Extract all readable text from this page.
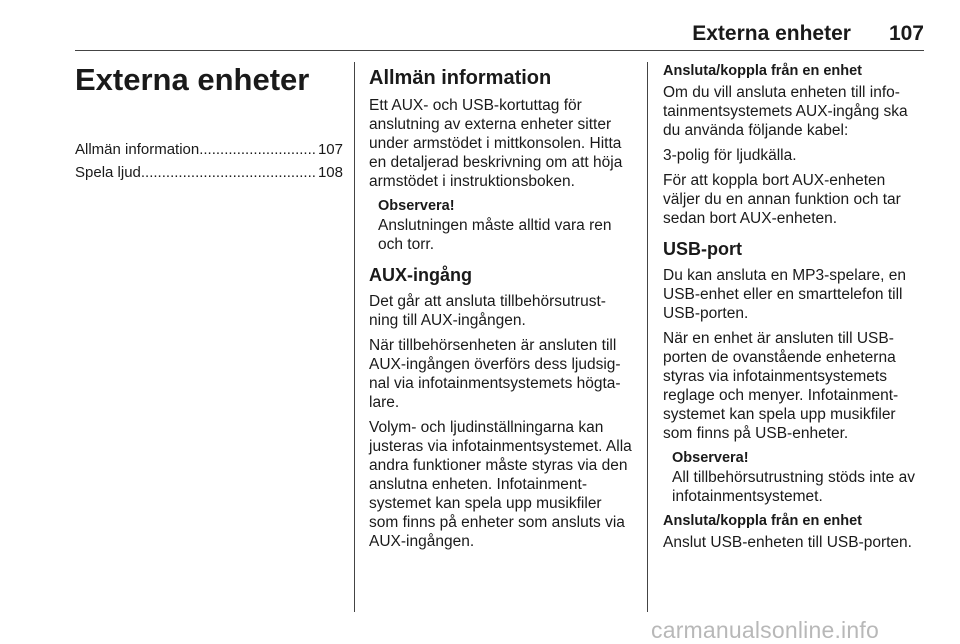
Externa enheter 107
Externa enheter
Allmän information .....	107
Spela ljud .....	108
Allmän information

Ett AUX- och USB-kortuttag för anslutning av externa enheter sitter under armstödet i mittkonsolen. Hitta en detaljerad beskrivning om att höja armstödet i instruktionsboken.

Observera!

Anslutningen måste alltid vara ren och torr.

AUX-ingång

Det går att ansluta tillbehörsutrust-ning till AUX-ingången.

När tillbehörsenheten är ansluten till AUX-ingången överförs dess ljudsig-nal via infotainmentsystemets högta-lare.

Volym- och ljudinställningarna kan justeras via infotainmentsystemet. Alla andra funktioner måste styras via den anslutna enheten. Infotainment-systemet kan spela upp musikfiler som finns på enheter som ansluts via AUX-ingången.

Ansluta/koppla från en enhet

Om du vill ansluta enheten till info-tainmentsystemets AUX-ingång ska du använda följande kabel:

3-polig för ljudkälla.

För att koppla bort AUX-enheten väljer du en annan funktion och tar sedan bort AUX-enheten.

USB-port

Du kan ansluta en MP3-spelare, en USB-enhet eller en smarttelefon till USB-porten.

När en enhet är ansluten till USB-porten de ovanstående enheterna styras via infotainmentsystemets reglage och menyer. Infotainment-systemet kan spela upp musikfiler som finns på USB-enheter.

Observera!

All tillbehörsutrustning stöds inte av infotainmentsystemet.

Ansluta/koppla från en enhet

Anslut USB-enheten till USB-porten.

carmanualsonline.info
